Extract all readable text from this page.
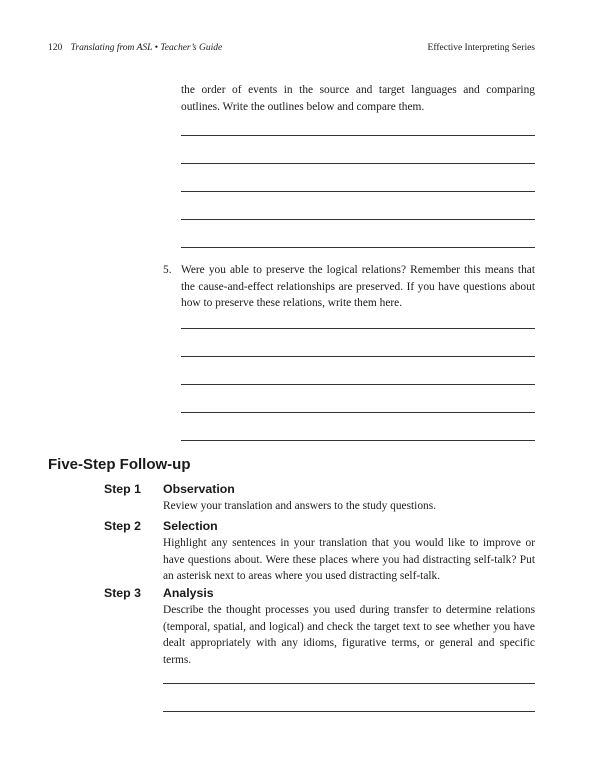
120 Translating from ASL • Teacher’s Guide	Effective Interpreting Series
the order of events in the source and target languages and comparing outlines. Write the outlines below and compare them.
5. Were you able to preserve the logical relations? Remember this means that the cause-and-effect relationships are preserved. If you have questions about how to preserve these relations, write them here.
Five-Step Follow-up
Step 1	Observation
Review your translation and answers to the study questions.
Step 2	Selection
Highlight any sentences in your translation that you would like to improve or have questions about. Were these places where you had distracting self-talk? Put an asterisk next to areas where you used distracting self-talk.
Step 3	Analysis
Describe the thought processes you used during transfer to determine relations (temporal, spatial, and logical) and check the target text to see whether you have dealt appropriately with any idioms, figurative terms, or general and specific terms.
